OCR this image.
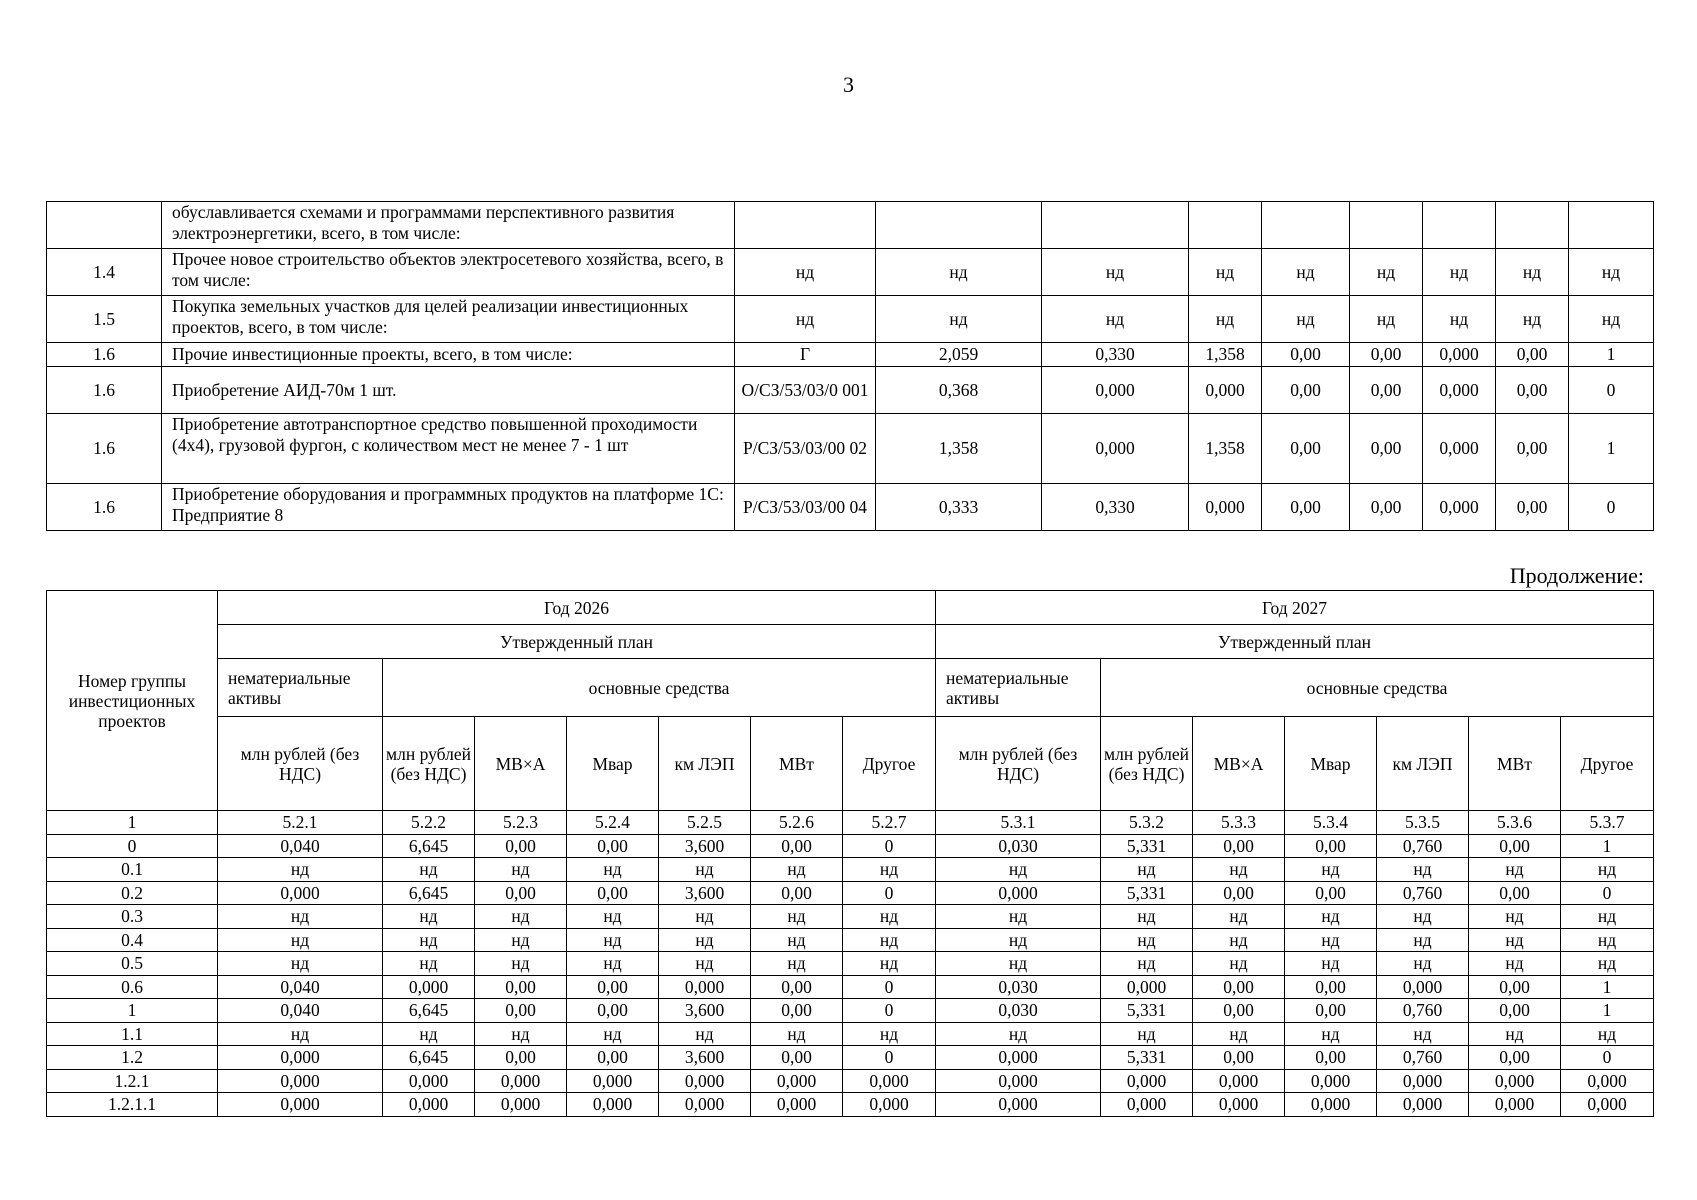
3
	обуславливается схемами и программами перспективного развития электроэнергетики, всего, в том числе:									
1.4	Прочее новое строительство объектов электросетевого хозяйства, всего, в том числе:	нд	нд	нд	нд	нд	нд	нд	нд	нд
1.5	Покупка земельных участков для целей реализации инвестиционных проектов, всего, в том числе:	нд	нд	нд	нд	нд	нд	нд	нд	нд
1.6	Прочие инвестиционные проекты, всего, в том числе:	Г	2,059	0,330	1,358	0,00	0,00	0,000	0,00	1
1.6	Приобретение АИД-70м 1 шт.	О/СЗ/53/03/0 001	0,368	0,000	0,000	0,00	0,00	0,000	0,00	0
1.6	Приобретение автотранспортное средство повышенной проходимости (4х4), грузовой фургон, с количеством мест не менее 7 - 1 шт	Р/СЗ/53/03/00 02	1,358	0,000	1,358	0,00	0,00	0,000	0,00	1
1.6	Приобретение оборудования и программных продуктов на платформе 1С: Предприятие 8	Р/СЗ/53/03/00 04	0,333	0,330	0,000	0,00	0,00	0,000	0,00	0
Продолжение:
Номер группы инвестиционных проектов	Год 2026							Год 2027						
	Утвержденный план							Утвержденный план						
	нематериальные активы	основные средства						нематериальные активы	основные средства					
	млн рублей (без НДС)	млн рублей (без НДС)	МВ×А	Мвар	км ЛЭП	МВт	Другое	млн рублей (без НДС)	млн рублей (без НДС)	МВ×А	Мвар	км ЛЭП	МВт	Другое
1	5.2.1	5.2.2	5.2.3	5.2.4	5.2.5	5.2.6	5.2.7	5.3.1	5.3.2	5.3.3	5.3.4	5.3.5	5.3.6	5.3.7
0	0,040	6,645	0,00	0,00	3,600	0,00	0	0,030	5,331	0,00	0,00	0,760	0,00	1
0.1	нд	нд	нд	нд	нд	нд	нд	нд	нд	нд	нд	нд	нд	нд
0.2	0,000	6,645	0,00	0,00	3,600	0,00	0	0,000	5,331	0,00	0,00	0,760	0,00	0
0.3	нд	нд	нд	нд	нд	нд	нд	нд	нд	нд	нд	нд	нд	нд
0.4	нд	нд	нд	нд	нд	нд	нд	нд	нд	нд	нд	нд	нд	нд
0.5	нд	нд	нд	нд	нд	нд	нд	нд	нд	нд	нд	нд	нд	нд
0.6	0,040	0,000	0,00	0,00	0,000	0,00	0	0,030	0,000	0,00	0,00	0,000	0,00	1
1	0,040	6,645	0,00	0,00	3,600	0,00	0	0,030	5,331	0,00	0,00	0,760	0,00	1
1.1	нд	нд	нд	нд	нд	нд	нд	нд	нд	нд	нд	нд	нд	нд
1.2	0,000	6,645	0,00	0,00	3,600	0,00	0	0,000	5,331	0,00	0,00	0,760	0,00	0
1.2.1	0,000	0,000	0,000	0,000	0,000	0,000	0,000	0,000	0,000	0,000	0,000	0,000	0,000	0,000
1.2.1.1	0,000	0,000	0,000	0,000	0,000	0,000	0,000	0,000	0,000	0,000	0,000	0,000	0,000	0,000
